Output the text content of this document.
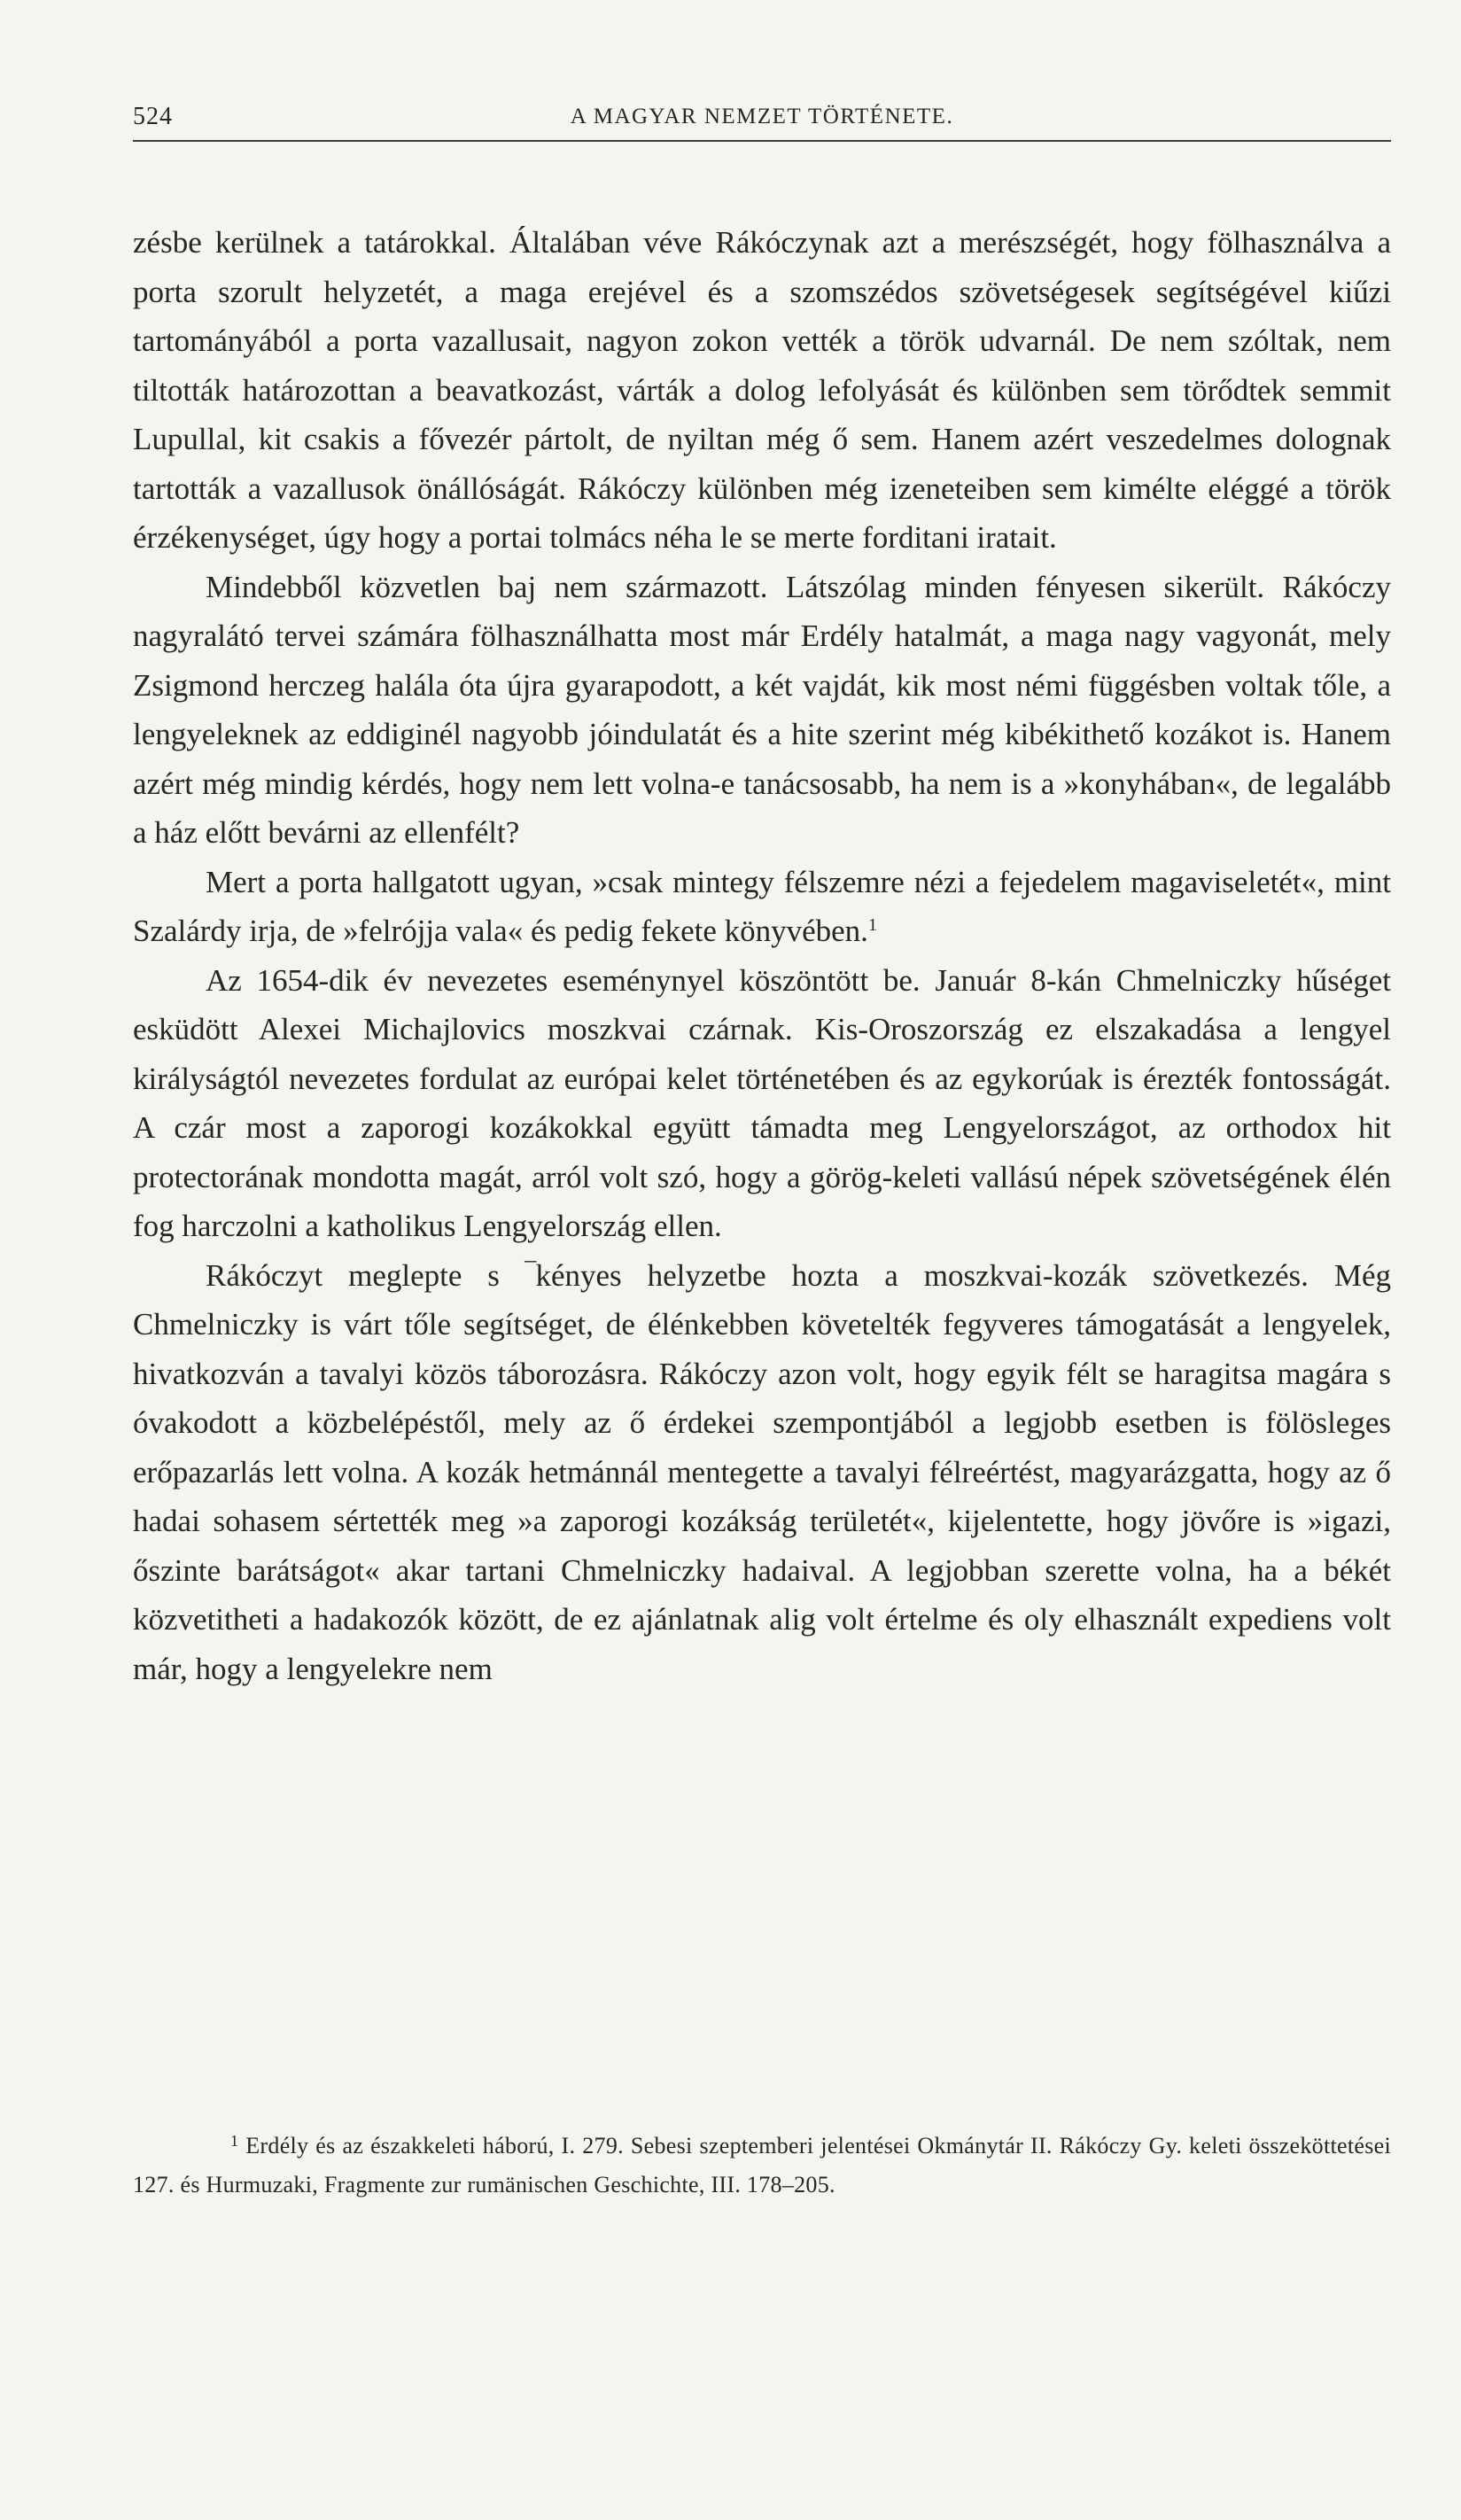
524	A MAGYAR NEMZET TÖRTÉNETE.

zésbe kerülnek a tatárokkal. Általában véve Rákóczynak azt a merészségét, hogy fölhasználva a porta szorult helyzetét, a maga erejével és a szomszédos szövetségesek segítségével kiűzi tartományából a porta vazallusait, nagyon zokon vették a török udvarnál. De nem szóltak, nem tiltották határozottan a beavatkozást, várták a dolog lefolyását és különben sem törődtek semmit Lupullal, kit csakis a fővezér pártolt, de nyiltan még ő sem. Hanem azért veszedelmes dolognak tartották a vazallusok önállóságát. Rákóczy különben még izeneteiben sem kimélte eléggé a török érzékenységet, úgy hogy a portai tolmács néha le se merte forditani iratait.

Mindebből közvetlen baj nem származott. Látszólag minden fényesen sikerült. Rákóczy nagyralátó tervei számára fölhasználhatta most már Erdély hatalmát, a maga nagy vagyonát, mely Zsigmond herczeg halála óta újra gyarapodott, a két vajdát, kik most némi függésben voltak tőle, a lengyeleknek az eddiginél nagyobb jóindulatát és a hite szerint még kibékithető kozákot is. Hanem azért még mindig kérdés, hogy nem lett volna-e tanácsosabb, ha nem is a »konyhában«, de legalább a ház előtt bevárni az ellenfélt?

Mert a porta hallgatott ugyan, »csak mintegy félszemre nézi a fejedelem magaviseletét«, mint Szalárdy irja, de »felrójja vala« és pedig fekete könyvében.$^1$

Az 1654-dik év nevezetes eseménynyel köszöntött be. Január 8-kán Chmelniczky hűséget esküdött Alexei Michajlovics moszkvai czárnak. Kis-Oroszország ez elszakadása a lengyel királyságtól nevezetes fordulat az európai kelet történetében és az egykorúak is érezték fontosságát. A czár most a zaporogi kozákokkal együtt támadta meg Lengyelországot, az orthodox hit protectorának mondotta magát, arról volt szó, hogy a görög-keleti vallású népek szövetségének élén fog harczolni a katholikus Lengyelország ellen.

Rákóczyt meglepte s ‾kényes helyzetbe hozta a moszkvai-kozák szövetkezés. Még Chmelniczky is várt tőle segítséget, de élénkebben követelték fegyveres támogatását a lengyelek, hivatkozván a tavalyi közös táborozásra. Rákóczy azon volt, hogy egyik félt se haragitsa magára s óvakodott a közbelépéstől, mely az ő érdekei szempontjából a legjobb esetben is fölösleges erőpazarlás lett volna. A kozák hetmánnál mentegette a tavalyi félreértést, magyarázgatta, hogy az ő hadai sohasem sértették meg »a zaporogi kozákság területét«, kijelentette, hogy jövőre is »igazi, őszinte barátságot« akar tartani Chmelniczky hadaival. A legjobban szerette volna, ha a békét közvetitheti a hadakozók között, de ez ajánlatnak alig volt értelme és oly elhasznált expediens volt már, hogy a lengyelekre nem

$^1$ Erdély és az északkeleti háború, I. 279. Sebesi szeptemberi jelentései Okmánytár II. Rákóczy Gy. keleti összeköttetései 127. és Hurmuzaki, Fragmente zur rumänischen Geschichte, III. 178–205.
